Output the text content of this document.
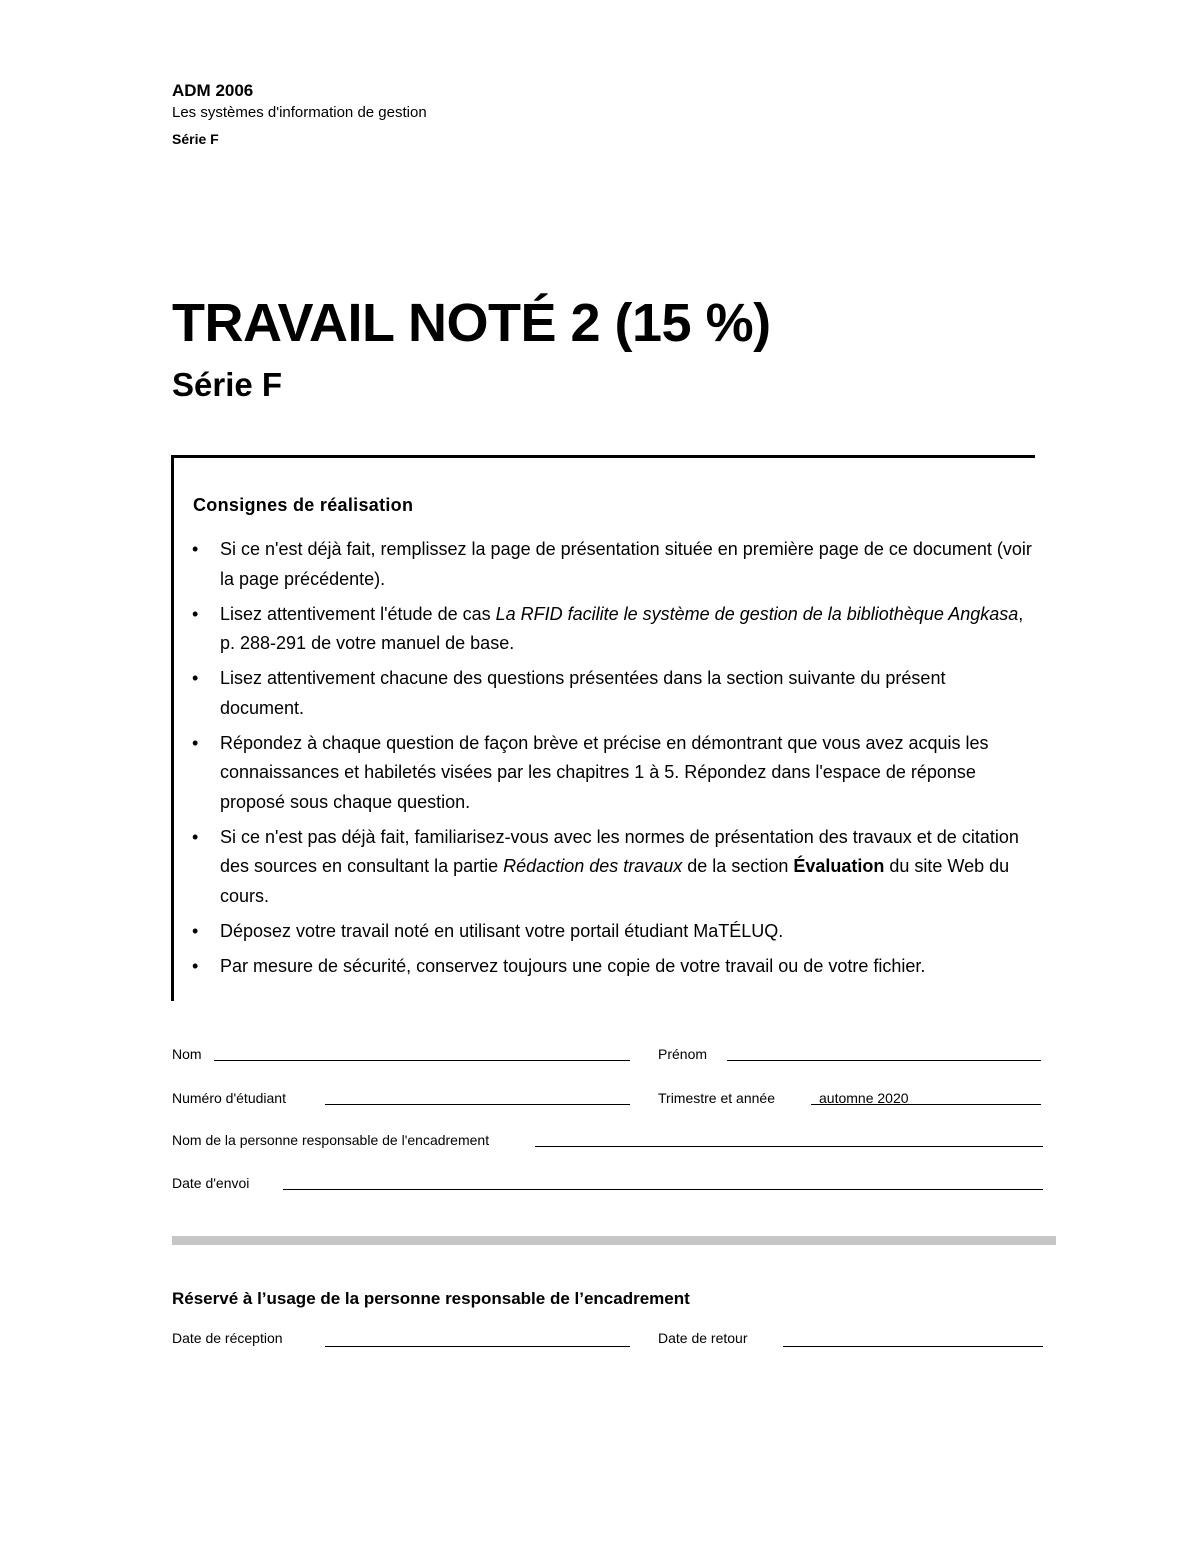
ADM 2006
Les systèmes d'information de gestion
Série F
TRAVAIL NOTÉ 2 (15 %)
Série F
Consignes de réalisation
• Si ce n'est déjà fait, remplissez la page de présentation située en première page de ce document (voir la page précédente).
• Lisez attentivement l'étude de cas La RFID facilite le système de gestion de la bibliothèque Angkasa, p. 288-291 de votre manuel de base.
• Lisez attentivement chacune des questions présentées dans la section suivante du présent document.
• Répondez à chaque question de façon brève et précise en démontrant que vous avez acquis les connaissances et habiletés visées par les chapitres 1 à 5. Répondez dans l'espace de réponse proposé sous chaque question.
• Si ce n'est pas déjà fait, familiarisez-vous avec les normes de présentation des travaux et de citation des sources en consultant la partie Rédaction des travaux de la section Évaluation du site Web du cours.
• Déposez votre travail noté en utilisant votre portail étudiant MaTÉLUQ.
• Par mesure de sécurité, conservez toujours une copie de votre travail ou de votre fichier.
Nom	Prénom
Numéro d'étudiant	Trimestre et année	automne 2020
Nom de la personne responsable de l'encadrement
Date d'envoi
Réservé à l’usage de la personne responsable de l’encadrement
Date de réception	Date de retour
